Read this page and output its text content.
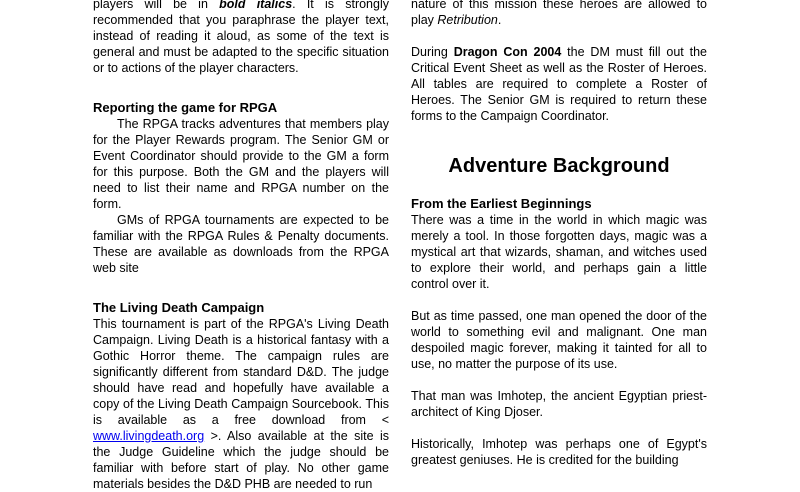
players will be in bold italics. It is strongly recommended that you paraphrase the player text, instead of reading it aloud, as some of the text is general and must be adapted to the specific situation or to actions of the player characters.

Reporting the game for RPGA

The RPGA tracks adventures that members play for the Player Rewards program. The Senior GM or Event Coordinator should provide to the GM a form for this purpose. Both the GM and the players will need to list their name and RPGA number on the form.

GMs of RPGA tournaments are expected to be familiar with the RPGA Rules & Penalty documents. These are available as downloads from the RPGA web site

The Living Death Campaign

This tournament is part of the RPGA's Living Death Campaign. Living Death is a historical fantasy with a Gothic Horror theme. The campaign rules are significantly different from standard D&D. The judge should have read and hopefully have available a copy of the Living Death Campaign Sourcebook. This is available as a free download from < www.livingdeath.org >. Also available at the site is the Judge Guideline which the judge should be familiar with before start of play. No other game materials besides the D&D PHB are needed to run

nature of this mission these heroes are allowed to play Retribution.

During Dragon Con 2004 the DM must fill out the Critical Event Sheet as well as the Roster of Heroes. All tables are required to complete a Roster of Heroes. The Senior GM is required to return these forms to the Campaign Coordinator.

Adventure Background
From the Earliest Beginnings

There was a time in the world in which magic was merely a tool. In those forgotten days, magic was a mystical art that wizards, shaman, and witches used to explore their world, and perhaps gain a little control over it.

But as time passed, one man opened the door of the world to something evil and malignant. One man despoiled magic forever, making it tainted for all to use, no matter the purpose of its use.

That man was Imhotep, the ancient Egyptian priest-architect of King Djoser.

Historically, Imhotep was perhaps one of Egypt's greatest geniuses. He is credited for the building
